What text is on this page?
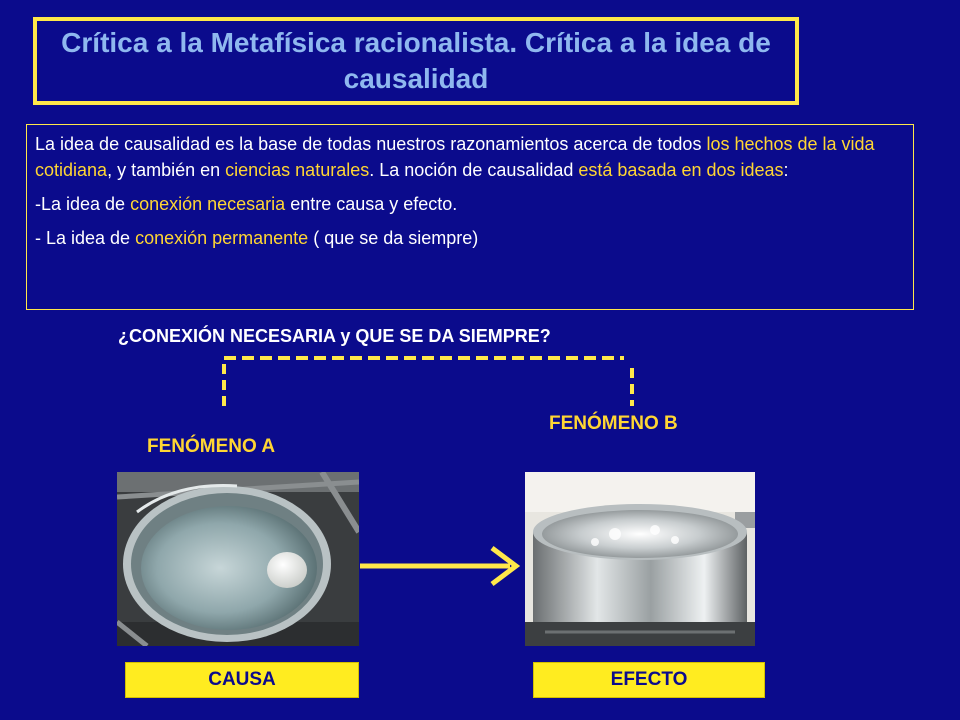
Crítica a la Metafísica racionalista. Crítica a la idea de causalidad

La idea de causalidad es la base de todas nuestros razonamientos acerca de todos los hechos de la vida cotidiana, y también en ciencias naturales. La noción de causalidad está basada en dos ideas:

-La idea de conexión necesaria entre causa y efecto.

- La idea de conexión permanente ( que se da siempre)

¿CONEXIÓN NECESARIA y QUE SE DA SIEMPRE?
FENÓMENO A
FENÓMENO B
CAUSA	EFECTO
